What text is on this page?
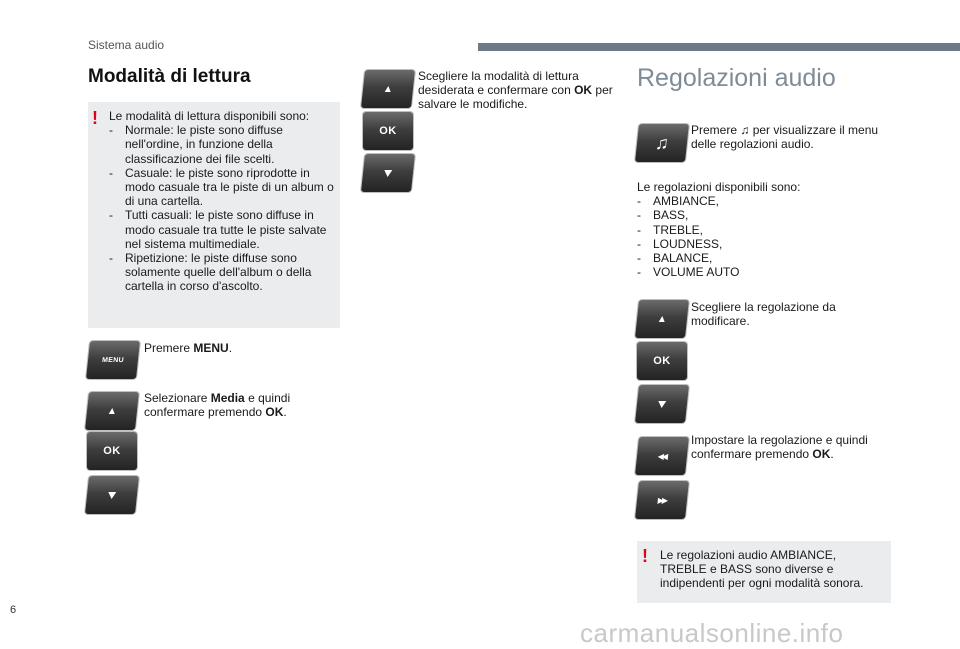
Sistema audio
Modalità di lettura
! Le modalità di lettura disponibili sono:
- Normale: le piste sono diffuse
nell'ordine, in funzione della
classificazione dei file scelti.
- Casuale: le piste sono riprodotte in
modo casuale tra le piste di un album o
di una cartella.
- Tutti casuali: le piste sono diffuse in
modo casuale tra tutte le piste salvate
nel sistema multimediale.
- Ripetizione: le piste diffuse sono
solamente quelle dell'album o della
cartella in corso d'ascolto.
MENU
Premere MENU.
OK
Selezionare Media e quindi
confermare premendo OK.
OK
Scegliere la modalità di lettura
desiderata e confermare con OK per
salvare le modifiche.
Regolazioni audio
♫
Premere ♫ per visualizzare il menu
delle regolazioni audio.
Le regolazioni disponibili sono:
- AMBIANCE,
- BASS,
- TREBLE,
- LOUDNESS,
- BALANCE,
- VOLUME AUTO
OK
Scegliere la regolazione da
modificare.
◀◀
▶▶
Impostare la regolazione e quindi
confermare premendo OK.
! Le regolazioni audio AMBIANCE,
TREBLE e BASS sono diverse e
indipendenti per ogni modalità sonora.
6
carmanualsonline.info
